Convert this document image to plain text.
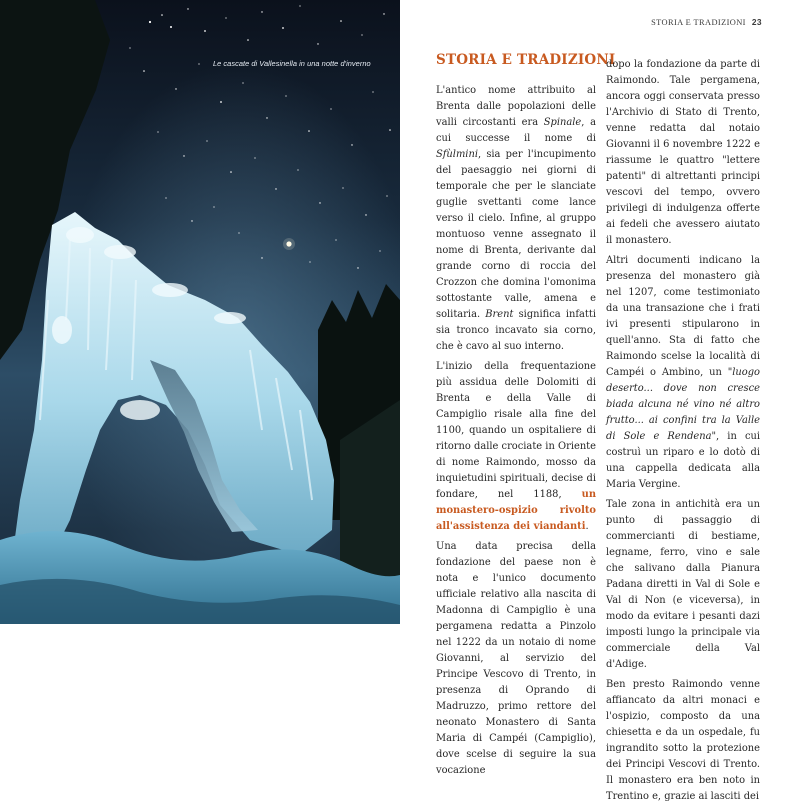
Le cascate di Vallesinella in una notte d'inverno
STORIA E TRADIZIONI 23
STORIA E TRADIZIONI

L'antico nome attribuito al Brenta dalle popolazioni delle valli circostanti era Spinale, a cui successe il nome di Sfùlmini, sia per l'incupimento del paesaggio nei giorni di temporale che per le slanciate guglie svettanti come lance verso il cielo. Infine, al gruppo montuoso venne assegnato il nome di Brenta, derivante dal grande corno di roccia del Crozzon che domina l'omonima sottostante valle, amena e solitaria. Brent significa infatti sia tronco incavato sia corno, che è cavo al suo interno.

L'inizio della frequentazione più assidua delle Dolomiti di Brenta e della Valle di Campiglio risale alla fine del 1100, quando un ospitaliere di ritorno dalle crociate in Oriente di nome Raimondo, mosso da inquietudini spirituali, decise di fondare, nel 1188, un monastero-ospizio rivolto all'assistenza dei viandanti.

Una data precisa della fondazione del paese non è nota e l'unico documento ufficiale relativo alla nascita di Madonna di Campiglio è una pergamena redatta a Pinzolo nel 1222 da un notaio di nome Giovanni, al servizio del Principe Vescovo di Trento, in presenza di Oprando di Madruzzo, primo rettore del neonato Monastero di Santa Maria di Campéi (Campiglio), dove scelse di seguire la sua vocazione

dopo la fondazione da parte di Raimondo. Tale pergamena, ancora oggi conservata presso l'Archivio di Stato di Trento, venne redatta dal notaio Giovanni il 6 novembre 1222 e riassume le quattro "lettere patenti" di altrettanti principi vescovi del tempo, ovvero privilegi di indulgenza offerte ai fedeli che avessero aiutato il monastero.

Altri documenti indicano la presenza del monastero già nel 1207, come testimoniato da una transazione che i frati ivi presenti stipularono in quell'anno. Sta di fatto che Raimondo scelse la località di Campéi o Ambino, un "luogo deserto... dove non cresce biada alcuna né vino né altro frutto... ai confini tra la Valle di Sole e Rendena", in cui costruì un riparo e lo dotò di una cappella dedicata alla Maria Vergine.

Tale zona in antichità era un punto di passaggio di commercianti di bestiame, legname, ferro, vino e sale che salivano dalla Pianura Padana diretti in Val di Sole e Val di Non (e viceversa), in modo da evitare i pesanti dazi imposti lungo la principale via commerciale della Val d'Adige.

Ben presto Raimondo venne affiancato da altri monaci e l'ospizio, composto da una chiesetta e da un ospedale, fu ingrandito sotto la protezione dei Principi Vescovi di Trento. Il monastero era ben noto in Trentino e, grazie ai lasciti dei
